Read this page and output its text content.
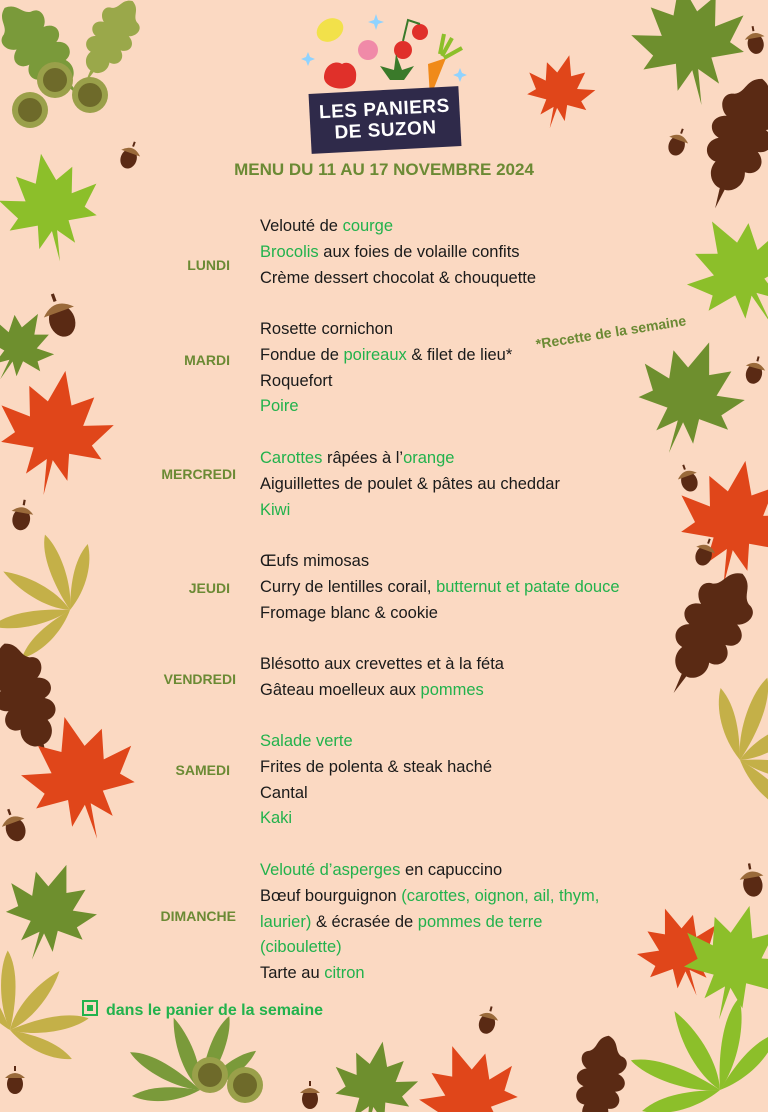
LES PANIERS
DE SUZON
MENU DU 11 AU 17 NOVEMBRE 2024
LUNDI
Velouté de courge
Brocolis aux foies de volaille confits
Crème dessert chocolat & chouquette
MARDI
Rosette cornichon
Fondue de poireaux & filet de lieu*
Roquefort
Poire
*Recette de la semaine
MERCREDI
Carottes râpées à l’orange
Aiguillettes de poulet & pâtes au cheddar
Kiwi
JEUDI
Œufs mimosas
Curry de lentilles corail, butternut et patate douce
Fromage blanc & cookie
VENDREDI
Blésotto aux crevettes et à la féta
Gâteau moelleux aux pommes
SAMEDI
Salade verte
Frites de polenta & steak haché
Cantal
Kaki
DIMANCHE
Velouté d’asperges en capuccino
Bœuf bourguignon (carottes, oignon, ail, thym,
laurier) & écrasée de pommes de terre
(ciboulette)
Tarte au citron
dans le panier de la semaine
